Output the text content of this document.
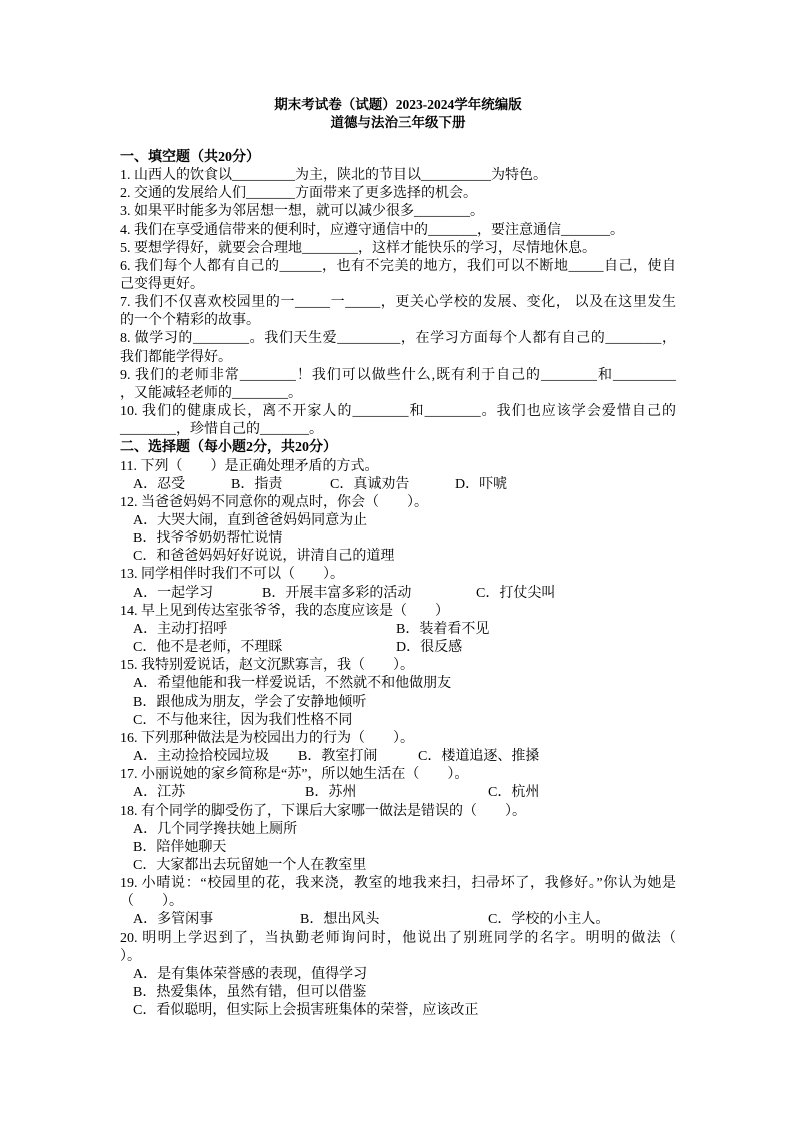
期末考试卷（试题）2023-2024学年统编版
道德与法治三年级下册
一、填空题（共20分）
1. 山西人的饮食以_________为主，陕北的节目以__________为特色。
2. 交通的发展给人们_______方面带来了更多选择的机会。
3. 如果平时能多为邻居想一想，就可以减少很多________。
4. 我们在享受通信带来的便利时，应遵守通信中的_______，要注意通信_______。
5. 要想学得好，就要会合理地________，这样才能快乐的学习，尽情地休息。
6. 我们每个人都有自己的______，也有不完美的地方，我们可以不断地_____自己，使自
己变得更好。
7. 我们不仅喜欢校园里的一_____一_____，更关心学校的发展、变化， 以及在这里发生
的一个个精彩的故事。
8. 做学习的________。我们天生爱_________，在学习方面每个人都有自己的________，
我们都能学得好。
9. 我们的老师非常________！我们可以做些什么,既有利于自己的________和_________
，又能减轻老师的________。
10. 我们的健康成长，离不开家人的________和________。我们也应该学会爱惜自己的
________，珍惜自己的_______。
二、选择题（每小题2分，共20分）
11. 下列（　　）是正确处理矛盾的方式。
A．忍受	B．指责	C．真诚劝告	D．吓唬
12. 当爸爸妈妈不同意你的观点时，你会（　　）。
A．大哭大闹，直到爸爸妈妈同意为止
B．找爷爷奶奶帮忙说情
C．和爸爸妈妈好好说说，讲清自己的道理
13. 同学相伴时我们不可以（　　）。
A．一起学习	B．开展丰富多彩的活动	C．打仗尖叫
14. 早上见到传达室张爷爷，我的态度应该是（　　）
A．主动打招呼	B．装着看不见
C．他不是老师，不理睬	D．很反感
15. 我特别爱说话，赵文沉默寡言，我（　　）。
A．希望他能和我一样爱说话，不然就不和他做朋友
B．跟他成为朋友，学会了安静地倾听
C．不与他来往，因为我们性格不同
16. 下列那种做法是为校园出力的行为（　　）。
A．主动捡拾校园垃圾 B．教室打闹	C．楼道追逐、推搡
17. 小丽说她的家乡简称是“苏”，所以她生活在（　　）。
A．江苏	B．苏州	C．杭州
18. 有个同学的脚受伤了，下课后大家哪一做法是错误的（　　）。
A．几个同学搀扶她上厕所
B．陪伴她聊天
C．大家都出去玩留她一个人在教室里
19. 小晴说：“校园里的花，我来浇，教室的地我来扫，扫帚坏了，我修好。”你认为她是
（　　）。
A．多管闲事	B．想出风头	C．学校的小主人。
20. 明明上学迟到了，当执勤老师询问时，他说出了别班同学的名字。明明的做法（
）。
A．是有集体荣誉感的表现，值得学习
B．热爱集体，虽然有错，但可以借鉴
C．看似聪明，但实际上会损害班集体的荣誉，应该改正
